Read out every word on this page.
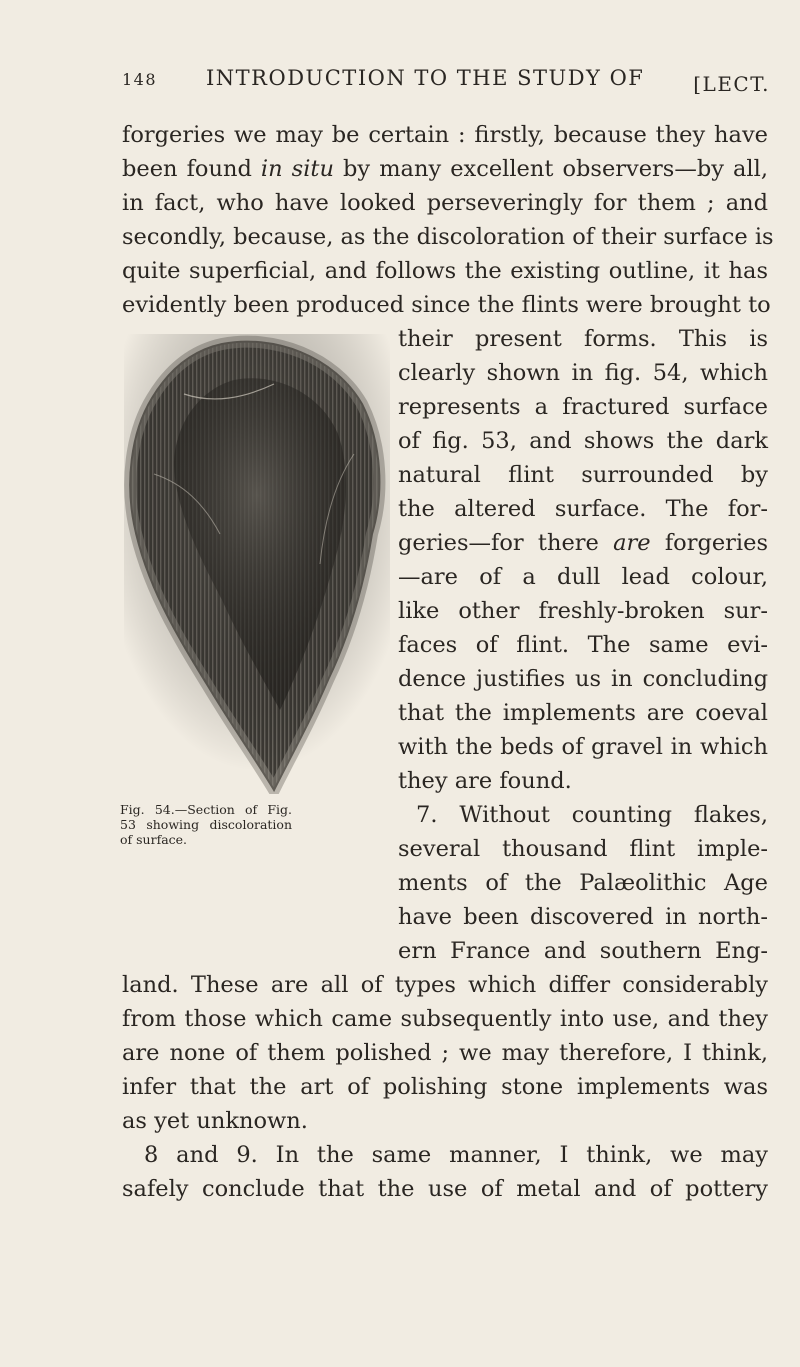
148 INTRODUCTION TO THE STUDY OF [LECT.
forgeries we may be certain : firstly, because they have
been found in situ by many excellent observers—by all,
in fact, who have looked perseveringly for them ; and
secondly, because, as the discoloration of their surface is
quite superficial, and follows the existing outline, it has
evidently been produced since the flints were brought to
their present forms. This is
clearly shown in fig. 54, which
represents a fractured surface
of fig. 53, and shows the dark
natural flint surrounded by
the altered surface. The for-
geries—for there are forgeries
—are of a dull lead colour,
like other freshly-broken sur-
faces of flint. The same evi-
dence justifies us in concluding
that the implements are coeval
with the beds of gravel in which
they are found.
7. Without counting flakes,
several thousand flint imple-
ments of the Palæolithic Age
have been discovered in north-
ern France and southern Eng-
land. These are all of types which differ considerably
from those which came subsequently into use, and they
are none of them polished ; we may therefore, I think,
infer that the art of polishing stone implements was
as yet unknown.
8 and 9. In the same manner, I think, we may
safely conclude that the use of metal and of pottery
Fig. 54.—Section of Fig. 53 showing discoloration of surface.
